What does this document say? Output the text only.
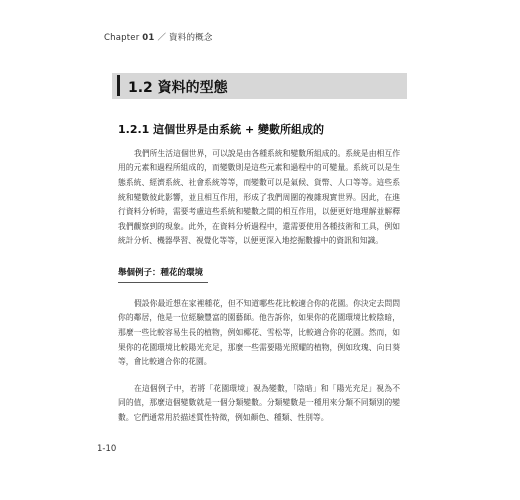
Chapter 01 ／ 資料的概念
1.2 資料的型態
1.2.1 這個世界是由系統 + 變數所組成的

我們所生活這個世界，可以說是由各種系統和變數所組成的。系統是由相互作用的元素和過程所組成的，而變數則是這些元素和過程中的可變量。系統可以是生態系統、經濟系統、社會系統等等，而變數可以是氣候、貨幣、人口等等。這些系統和變數彼此影響，並且相互作用，形成了我們周圍的複雜現實世界。因此，在進行資料分析時，需要考慮這些系統和變數之間的相互作用，以便更好地理解並解釋我們觀察到的現象。此外，在資料分析過程中，還需要使用各種技術和工具，例如統計分析、機器學習、視覺化等等，以便更深入地挖掘數據中的資訊和知識。

舉個例子：種花的環境

假設你最近想在家裡種花，但不知道哪些花比較適合你的花園。你決定去問問你的鄰居，他是一位經驗豐富的園藝師。他告訴你，如果你的花園環境比較陰暗，那麼一些比較容易生長的植物，例如椰花、雪松等，比較適合你的花園。然而，如果你的花園環境比較陽光充足，那麼一些需要陽光照耀的植物，例如玫瑰、向日葵等，會比較適合你的花園。

在這個例子中，若將「花園環境」視為變數，「陰暗」和「陽光充足」視為不同的值，那麼這個變數就是一個分類變數。分類變數是一種用來分類不同類別的變數。它們通常用於描述質性特徵，例如顏色、種類、性別等。

1-10
